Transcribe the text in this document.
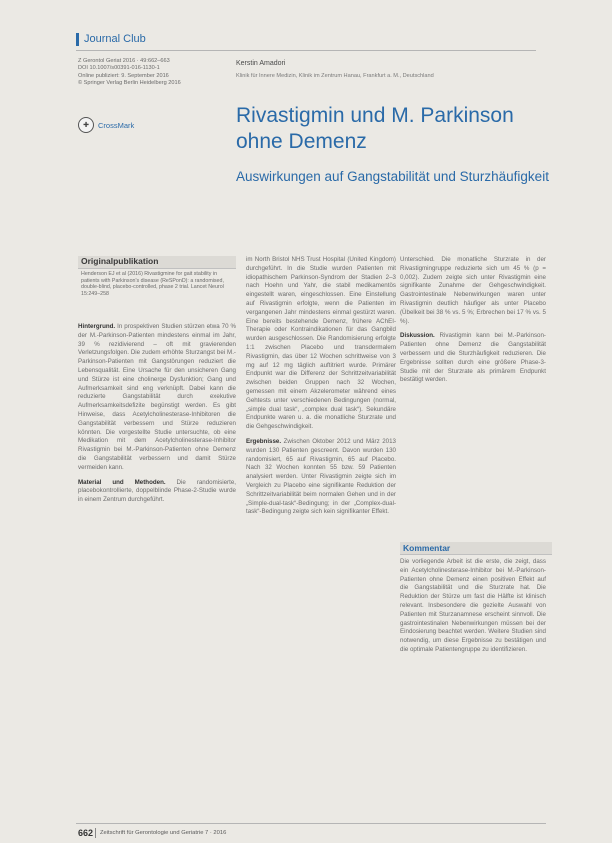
Journal Club
Z Gerontol Geriat 2016 · 49:662–663
DOI 10.1007/s00391-016-1130-1
Online publiziert: 9. September 2016
© Springer Verlag Berlin Heidelberg 2016
✚	CrossMark
Kerstin Amadori
Klinik für Innere Medizin, Klinik im Zentrum Hanau, Frankfurt a. M., Deutschland
Rivastigmin und M. Parkinson ohne Demenz
Auswirkungen auf Gangstabilität und Sturzhäufigkeit
Originalpublikation
Henderson EJ et al (2016) Rivastigmine for gait stability in patients with Parkinson's disease (ReSPonD): a randomised, double-blind, placebo-controlled, phase 2 trial. Lancet Neurol 15:249–258

Hintergrund. In prospektiven Studien stürzen etwa 70 % der M.-Parkinson-Patienten mindestens einmal im Jahr, 39 % rezidivierend – oft mit gravierenden Verletzungsfolgen. Die zudem erhöhte Sturzangst bei M.-Parkinson-Patienten mit Gangstörungen reduziert die Lebensqualität. Eine Ursache für den unsicheren Gang und Stürze ist eine cholinerge Dysfunktion; Gang und Aufmerksamkeit sind eng verknüpft. Dabei kann die reduzierte Gangstabilität durch exekutive Aufmerksamkeitsdefizite begünstigt werden. Es gibt Hinweise, dass Acetylcholinesterase-Inhibitoren die Gangstabilität verbessern und Stürze reduzieren könnten. Die vorgestellte Studie untersuchte, ob eine Medikation mit dem Acetylcholinesterase-Inhibitor Rivastigmin bei M.-Parkinson-Patienten ohne Demenz die Gangstabilität verbessern und damit Stürze vermeiden kann.

Material und Methoden. Die randomisierte, placebokontrollierte, doppelblinde Phase-2-Studie wurde in einem Zentrum durchgeführt.

im North Bristol NHS Trust Hospital (United Kingdom) durchgeführt. In die Studie wurden Patienten mit idiopathischem Parkinson-Syndrom der Stadien 2–3 nach Hoehn und Yahr, die stabil medikamentös eingestellt waren, eingeschlossen. Eine Einstellung auf Rivastigmin erfolgte, wenn die Patienten im vergangenen Jahr mindestens einmal gestürzt waren. Eine bereits bestehende Demenz, frühere AChEI-Therapie oder Kontraindikationen für das Gangbild wurden ausgeschlossen. Die Randomisierung erfolgte 1:1 zwischen Placebo und transdermalem Rivastigmin, das über 12 Wochen schrittweise von 3 mg auf 12 mg täglich auftitriert wurde. Primärer Endpunkt war die Differenz der Schrittzeitvariabilität zwischen beiden Gruppen nach 32 Wochen, gemessen mit einem Akzelerometer während eines Gehtests unter verschiedenen Bedingungen (normal, „simple dual task“, „complex dual task“). Sekundäre Endpunkte waren u. a. die monatliche Sturzrate und die Gehgeschwindigkeit.

Ergebnisse. Zwischen Oktober 2012 und März 2013 wurden 130 Patienten gescreent. Davon wurden 130 randomisiert, 65 auf Rivastigmin, 65 auf Placebo. Nach 32 Wochen konnten 55 bzw. 59 Patienten analysiert werden. Unter Rivastigmin zeigte sich im Vergleich zu Placebo eine signifikante Reduktion der Schrittzeitvariabilität beim normalen Gehen und in der „Simple-dual-task“-Bedingung; in der „Complex-dual-task“-Bedingung zeigte sich kein signifikanter Effekt.

Unterschied. Die monatliche Sturzrate in der Rivastigmingruppe reduzierte sich um 45 % (p = 0,002). Zudem zeigte sich unter Rivastigmin eine signifikante Zunahme der Gehgeschwindigkeit. Gastrointestinale Nebenwirkungen waren unter Rivastigmin deutlich häufiger als unter Placebo (Übelkeit bei 38 % vs. 5 %; Erbrechen bei 17 % vs. 5 %).

Diskussion. Rivastigmin kann bei M.-Parkinson-Patienten ohne Demenz die Gangstabilität verbessern und die Sturzhäufigkeit reduzieren. Die Ergebnisse sollten durch eine größere Phase-3-Studie mit der Sturzrate als primärem Endpunkt bestätigt werden.

Kommentar

Die vorliegende Arbeit ist die erste, die zeigt, dass ein Acetylcholinesterase-Inhibitor bei M.-Parkinson-Patienten ohne Demenz einen positiven Effekt auf die Gangstabilität und die Sturzrate hat. Die Reduktion der Stürze um fast die Hälfte ist klinisch relevant. Insbesondere die gezielte Auswahl von Patienten mit Sturzanamnese erscheint sinnvoll. Die gastrointestinalen Nebenwirkungen müssen bei der Eindosierung beachtet werden. Weitere Studien sind notwendig, um diese Ergebnisse zu bestätigen und die optimale Patientengruppe zu identifizieren.

662 Zeitschrift für Gerontologie und Geriatrie 7 · 2016
